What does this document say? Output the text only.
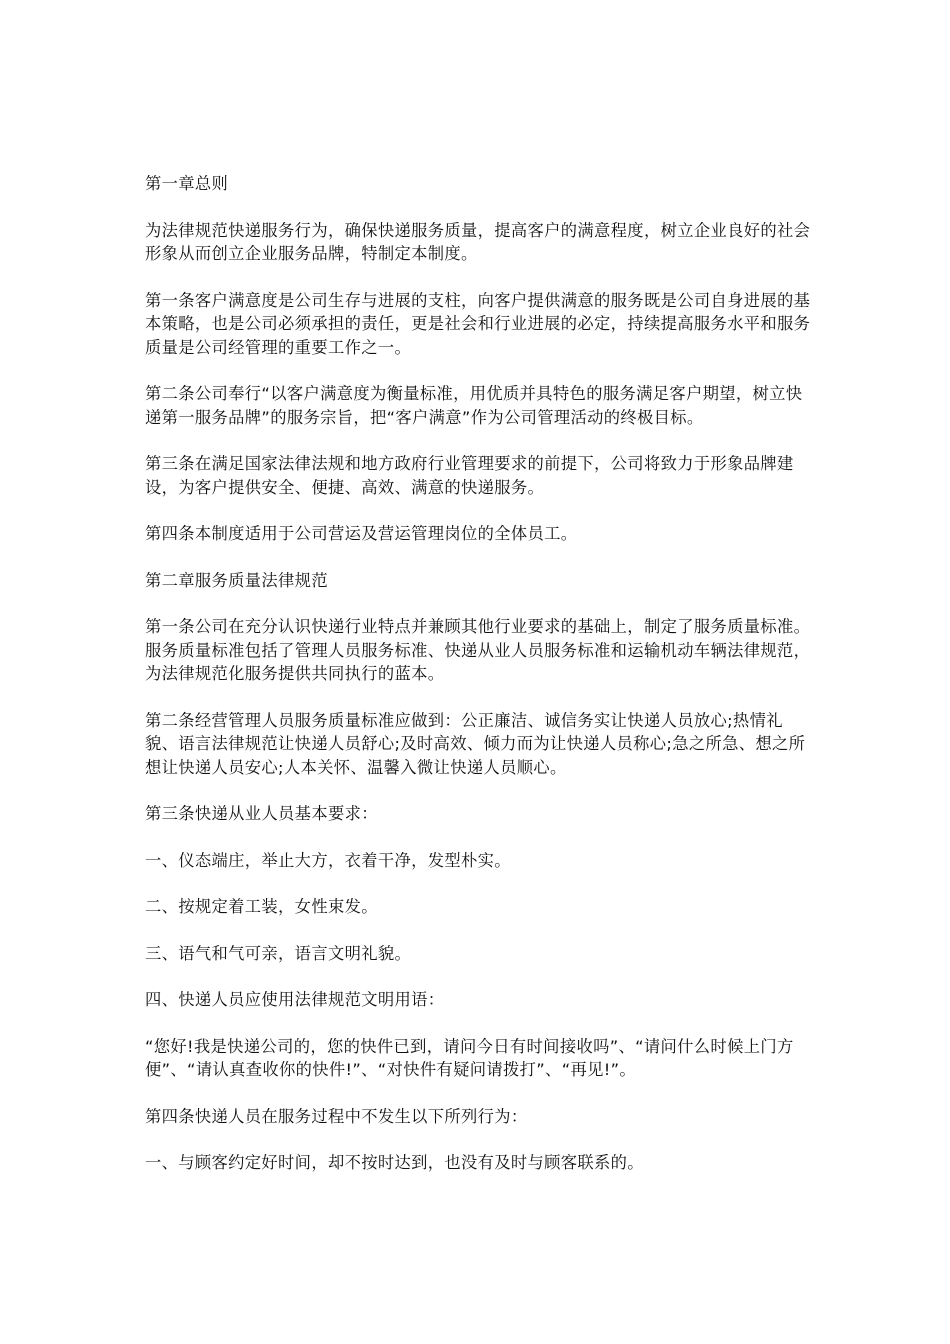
第一章总则

为法律规范快递服务行为，确保快递服务质量，提高客户的满意程度，树立企业良好的社会形象从而创立企业服务品牌，特制定本制度。

第一条客户满意度是公司生存与进展的支柱，向客户提供满意的服务既是公司自身进展的基本策略，也是公司必须承担的责任，更是社会和行业进展的必定，持续提高服务水平和服务质量是公司经管理的重要工作之一。

第二条公司奉行“以客户满意度为衡量标准，用优质并具特色的服务满足客户期望，树立快递第一服务品牌”的服务宗旨，把“客户满意”作为公司管理活动的终极目标。

第三条在满足国家法律法规和地方政府行业管理要求的前提下，公司将致力于形象品牌建设，为客户提供安全、便捷、高效、满意的快递服务。

第四条本制度适用于公司营运及营运管理岗位的全体员工。

第二章服务质量法律规范

第一条公司在充分认识快递行业特点并兼顾其他行业要求的基础上，制定了服务质量标准。服务质量标准包括了管理人员服务标准、快递从业人员服务标准和运输机动车辆法律规范，为法律规范化服务提供共同执行的蓝本。

第二条经营管理人员服务质量标准应做到：公正廉洁、诚信务实让快递人员放心;热情礼貌、语言法律规范让快递人员舒心;及时高效、倾力而为让快递人员称心;急之所急、想之所想让快递人员安心;人本关怀、温馨入微让快递人员顺心。

第三条快递从业人员基本要求：

一、仪态端庄，举止大方，衣着干净，发型朴实。

二、按规定着工装，女性束发。

三、语气和气可亲，语言文明礼貌。

四、快递人员应使用法律规范文明用语：

“您好!我是快递公司的，您的快件已到，请问今日有时间接收吗”、“请问什么时候上门方便”、“请认真查收你的快件!”、“对快件有疑问请拨打”、“再见!”。

第四条快递人员在服务过程中不发生以下所列行为：

一、与顾客约定好时间，却不按时达到，也没有及时与顾客联系的。
